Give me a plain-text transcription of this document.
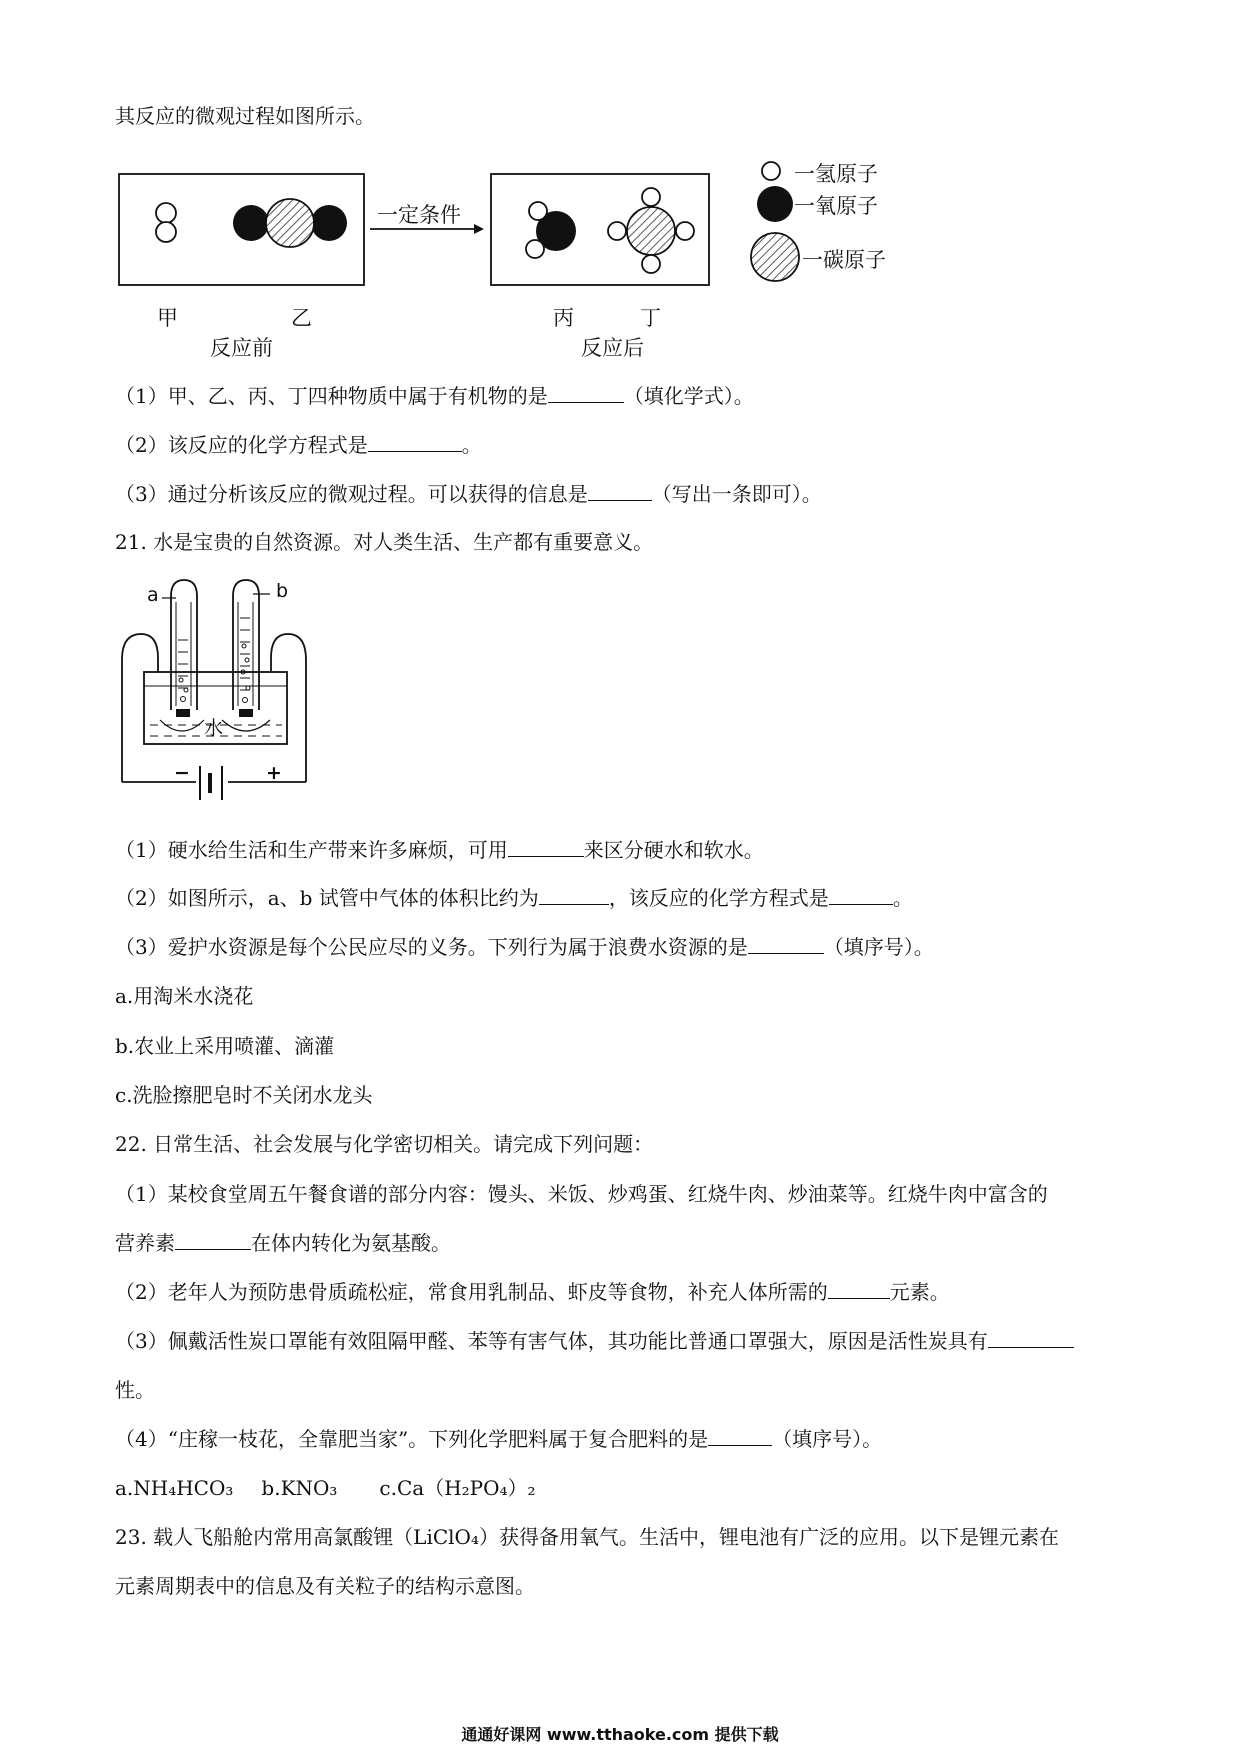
其反应的微观过程如图所示。
一定条件
甲	乙	丙	丁
反应前	反应后
一氢原子
一氧原子
一碳原子
（1）甲、乙、丙、丁四种物质中属于有机物的是	（填化学式）。
（2）该反应的化学方程式是	。
（3）通过分析该反应的微观过程。可以获得的信息是	（写出一条即可）。
21. 水是宝贵的自然资源。对人类生活、生产都有重要意义。
a	b
水
−	+
（1）硬水给生活和生产带来许多麻烦，可用	来区分硬水和软水。
（2）如图所示，a、b 试管中气体的体积比约为	，该反应的化学方程式是	。
（3）爱护水资源是每个公民应尽的义务。下列行为属于浪费水资源的是	（填序号）。
a.用淘米水浇花
b.农业上采用喷灌、滴灌
c.洗脸擦肥皂时不关闭水龙头
22. 日常生活、社会发展与化学密切相关。请完成下列问题：
（1）某校食堂周五午餐食谱的部分内容：馒头、米饭、炒鸡蛋、红烧牛肉、炒油菜等。红烧牛肉中富含的
营养素	在体内转化为氨基酸。
（2）老年人为预防患骨质疏松症，常食用乳制品、虾皮等食物，补充人体所需的	元素。
（3）佩戴活性炭口罩能有效阻隔甲醛、苯等有害气体，其功能比普通口罩强大，原因是活性炭具有
性。
（4）“庄稼一枝花，全靠肥当家”。下列化学肥料属于复合肥料的是	（填序号）。
a.NH₄HCO₃ b.KNO₃ c.Ca（H₂PO₄）₂
23. 载人飞船舱内常用高氯酸锂（LiClO₄）获得备用氧气。生活中，锂电池有广泛的应用。以下是锂元素在
元素周期表中的信息及有关粒子的结构示意图。
通通好课网 www.tthaoke.com 提供下载
